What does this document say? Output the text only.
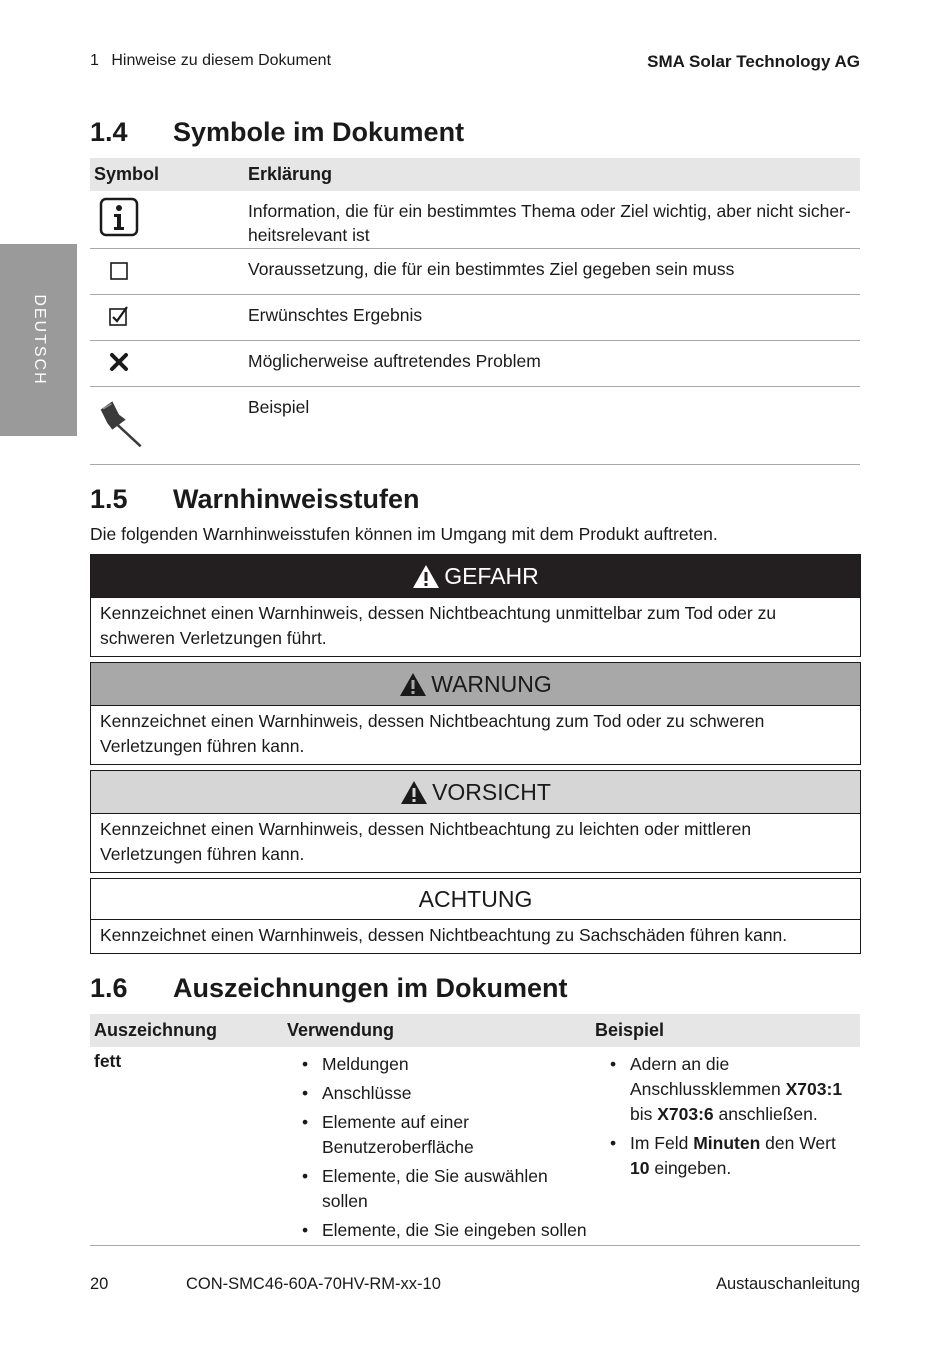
1 Hinweise zu diesem Dokument	SMA Solar Technology AG
DEUTSCH
1.4 Symbole im Dokument
Symbol	Erklärung
Information, die für ein bestimmtes Thema oder Ziel wichtig, aber nicht sicher-heitsrelevant ist
Voraussetzung, die für ein bestimmtes Ziel gegeben sein muss
Erwünschtes Ergebnis
Möglicherweise auftretendes Problem
Beispiel
1.5 Warnhinweisstufen
Die folgenden Warnhinweisstufen können im Umgang mit dem Produkt auftreten.
GEFAHR
Kennzeichnet einen Warnhinweis, dessen Nichtbeachtung unmittelbar zum Tod oder zu schweren Verletzungen führt.
WARNUNG
Kennzeichnet einen Warnhinweis, dessen Nichtbeachtung zum Tod oder zu schweren Verletzungen führen kann.
VORSICHT
Kennzeichnet einen Warnhinweis, dessen Nichtbeachtung zu leichten oder mittleren Verletzungen führen kann.
ACHTUNG
Kennzeichnet einen Warnhinweis, dessen Nichtbeachtung zu Sachschäden führen kann.
1.6 Auszeichnungen im Dokument
Auszeichnung	Verwendung	Beispiel
fett
•	Meldungen
• Anschlüsse
• Elemente auf einer Benutzeroberfläche
• Elemente, die Sie auswählen sollen
• Elemente, die Sie eingeben sollen
• Adern an die Anschlussklemmen X703:1 bis X703:6 anschließen.
• Im Feld Minuten den Wert 10 eingeben.
20	CON-SMC46-60A-70HV-RM-xx-10	Austauschanleitung
